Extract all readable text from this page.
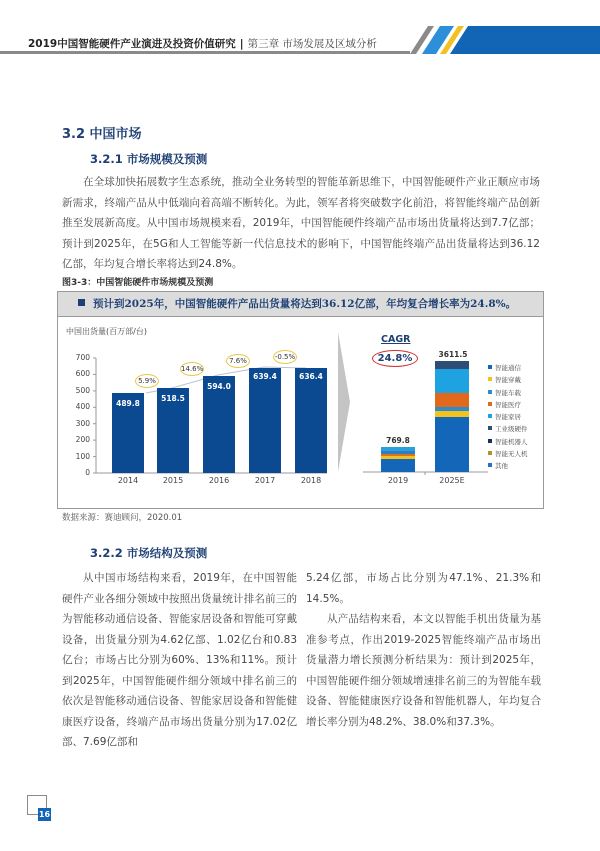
2019中国智能硬件产业演进及投资价值研究 | 第三章 市场发展及区域分析
3.2 中国市场
3.2.1 市场规模及预测
在全球加快拓展数字生态系统，推动全业务转型的智能革新思维下，中国智能硬件产业正顺应市场新需求，终端产品从中低端向着高端不断转化。为此，领军者将突破数字化前沿，将智能终端产品创新推至发展新高度。从中国市场规模来看，2019年，中国智能硬件终端产品市场出货量将达到7.7亿部；预计到2025年，在5G和人工智能等新一代信息技术的影响下，中国智能终端产品出货量将达到36.12亿部，年均复合增长率将达到24.8%。
图3-3：中国智能硬件市场规模及预测
预计到2025年，中国智能硬件产品出货量将达到36.12亿部，年均复合增长率为24.8%。
中国出货量(百万部/台)
700
600
500
400
300
200
100
0
489.8
518.5
594.0
639.4	636.4
5.9%
14.6%
7.6%	-0.5%
2014	2015	2016	2017	2018
CAGR
24.8%
769.8
3611.5
2019	2025E
智能通信
智能穿戴
智能车载
智能医疗
智能家居
工业级硬件
智能机器人
智能无人机
其他
数据来源：赛迪顾问，2020.01
3.2.2 市场结构及预测
从中国市场结构来看，2019年，在中国智能硬件产业各细分领域中按照出货量统计排名前三的为智能移动通信设备、智能家居设备和智能可穿戴设备，出货量分别为4.62亿部、1.02亿台和0.83亿台；市场占比分别为60%、13%和11%。预计到2025年，中国智能硬件细分领域中排名前三的依次是智能移动通信设备、智能家居设备和智能健康医疗设备，终端产品市场出货量分别为17.02亿部、7.69亿部和
5.24亿部，市场占比分别为47.1%、21.3%和14.5%。
从产品结构来看，本文以智能手机出货量为基准参考点，作出2019-2025智能终端产品市场出货量潜力增长预测分析结果为：预计到2025年，中国智能硬件细分领域增速排名前三的为智能车载设备、智能健康医疗设备和智能机器人，年均复合增长率分别为48.2%、38.0%和37.3%。
16
